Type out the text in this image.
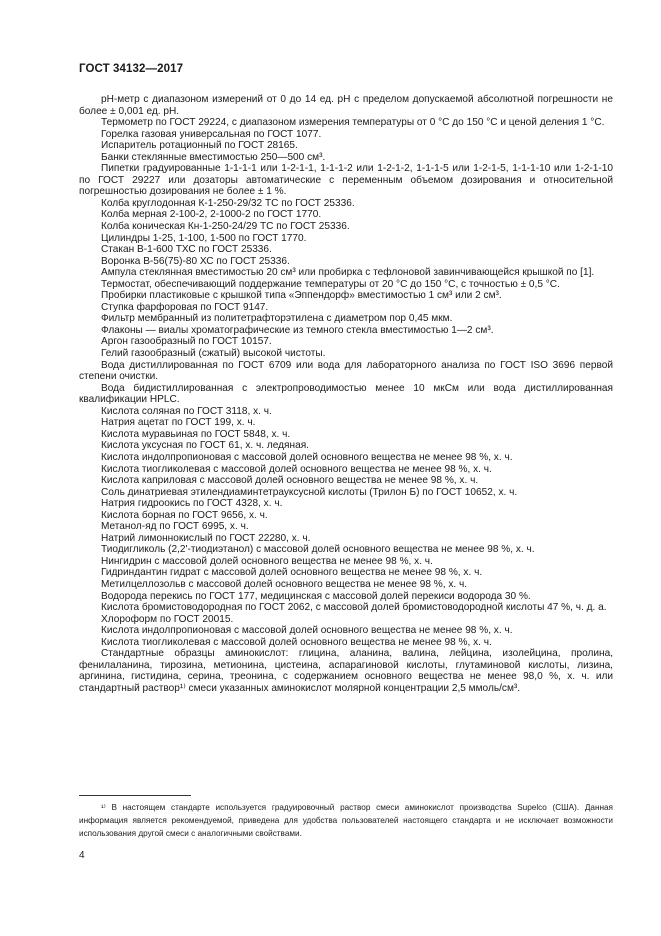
ГОСТ 34132—2017

pH-метр с диапазоном измерений от 0 до 14 ед. pH с пределом допускаемой абсолютной погрешности не более ± 0,001 ед. pH.

Термометр по ГОСТ 29224, с диапазоном измерения температуры от 0 °С до 150 °С и ценой деления 1 °С.

Горелка газовая универсальная по ГОСТ 1077.

Испаритель ротационный по ГОСТ 28165.

Банки стеклянные вместимостью 250—500 см³.

Пипетки градуированные 1-1-1-1 или 1-2-1-1, 1-1-1-2 или 1-2-1-2, 1-1-1-5 или 1-2-1-5, 1-1-1-10 или 1-2-1-10 по ГОСТ 29227 или дозаторы автоматические с переменным объемом дозирования и относительной погрешностью дозирования не более ± 1 %.

Колба круглодонная К-1-250-29/32 ТС по ГОСТ 25336.

Колба мерная 2-100-2, 2-1000-2 по ГОСТ 1770.

Колба коническая Кн-1-250-24/29 ТС по ГОСТ 25336.

Цилиндры 1-25, 1-100, 1-500 по ГОСТ 1770.

Стакан В-1-600 ТХС по ГОСТ 25336.

Воронка В-56(75)-80 ХС по ГОСТ 25336.

Ампула стеклянная вместимостью 20 см³ или пробирка с тефлоновой завинчивающейся крышкой по [1].

Термостат, обеспечивающий поддержание температуры от 20 °С до 150 °С, с точностью ± 0,5 °С.

Пробирки пластиковые с крышкой типа «Эппендорф» вместимостью 1 см³ или 2 см³.

Ступка фарфоровая по ГОСТ 9147.

Фильтр мембранный из политетрафторэтилена с диаметром пор 0,45 мкм.

Флаконы — виалы хроматографические из темного стекла вместимостью 1—2 см³.

Аргон газообразный по ГОСТ 10157.

Гелий газообразный (сжатый) высокой чистоты.

Вода дистиллированная по ГОСТ 6709 или вода для лабораторного анализа по ГОСТ ISO 3696 первой степени очистки.

Вода бидистиллированная с электропроводимостью менее 10 мкСм или вода дистиллированная квалификации HPLC.

Кислота соляная по ГОСТ 3118, х. ч.

Натрия ацетат по ГОСТ 199, х. ч.

Кислота муравьиная по ГОСТ 5848, х. ч.

Кислота уксусная по ГОСТ 61, х. ч. ледяная.

Кислота индолпропионовая с массовой долей основного вещества не менее 98 %, х. ч.

Кислота тиогликолевая с массовой долей основного вещества не менее 98 %, х. ч.

Кислота каприловая с массовой долей основного вещества не менее 98 %, х. ч.

Соль динатриевая этилендиаминтетрауксусной кислоты (Трилон Б) по ГОСТ 10652, х. ч.

Натрия гидроокись по ГОСТ 4328, х. ч.

Кислота борная по ГОСТ 9656, х. ч.

Метанол-яд по ГОСТ 6995, х. ч.

Натрий лимоннокислый по ГОСТ 22280, х. ч.

Тиодигликоль (2,2'-тиодиэтанол) с массовой долей основного вещества не менее 98 %, х. ч.

Нингидрин с массовой долей основного вещества не менее 98 %, х. ч.

Гидриндантин гидрат с массовой долей основного вещества не менее 98 %, х. ч.

Метилцеллозольв с массовой долей основного вещества не менее 98 %, х. ч.

Водорода перекись по ГОСТ 177, медицинская с массовой долей перекиси водорода 30 %.

Кислота бромистоводородная по ГОСТ 2062, с массовой долей бромистоводородной кислоты 47 %, ч. д. а.

Хлороформ по ГОСТ 20015.

Кислота индолпропионовая с массовой долей основного вещества не менее 98 %, х. ч.

Кислота тиогликолевая с массовой долей основного вещества не менее 98 %, х. ч.

Стандартные образцы аминокислот: глицина, аланина, валина, лейцина, изолейцина, пролина, фенилаланина, тирозина, метионина, цистеина, аспарагиновой кислоты, глутаминовой кислоты, лизина, аргинина, гистидина, серина, треонина, с содержанием основного вещества не менее 98,0 %, х. ч. или стандартный раствор¹⁾ смеси указанных аминокислот молярной концентрации 2,5 ммоль/см³.

¹⁾ В настоящем стандарте используется градуировочный раствор смеси аминокислот производства Supelco (США). Данная информация является рекомендуемой, приведена для удобства пользователей настоящего стандарта и не исключает возможности использования другой смеси с аналогичными свойствами.

4
